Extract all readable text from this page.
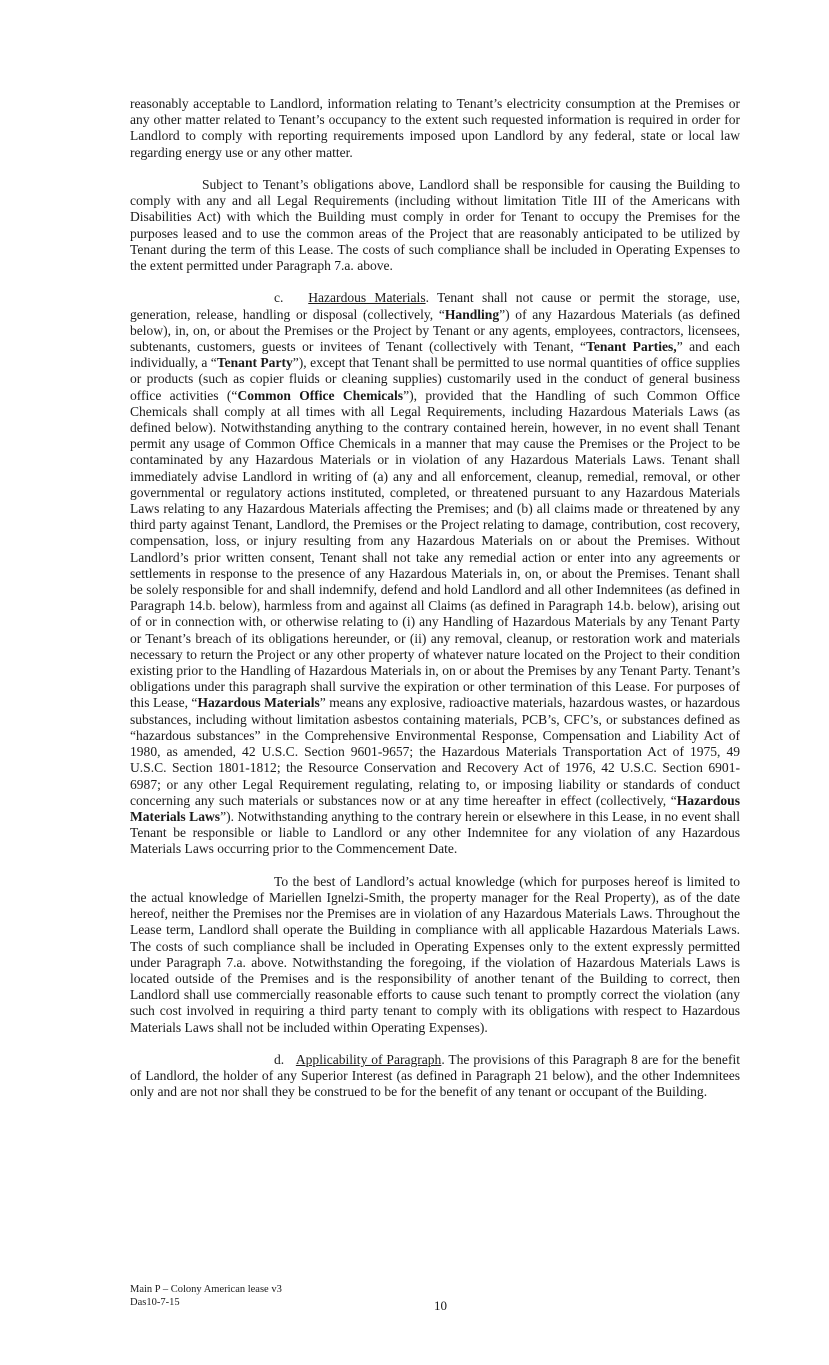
reasonably acceptable to Landlord, information relating to Tenant’s electricity consumption at the Premises or any other matter related to Tenant’s occupancy to the extent such requested information is required in order for Landlord to comply with reporting requirements imposed upon Landlord by any federal, state or local law regarding energy use or any other matter.

Subject to Tenant’s obligations above, Landlord shall be responsible for causing the Building to comply with any and all Legal Requirements (including without limitation Title III of the Americans with Disabilities Act) with which the Building must comply in order for Tenant to occupy the Premises for the purposes leased and to use the common areas of the Project that are reasonably anticipated to be utilized by Tenant during the term of this Lease. The costs of such compliance shall be included in Operating Expenses to the extent permitted under Paragraph 7.a. above.

c. Hazardous Materials. Tenant shall not cause or permit the storage, use, generation, release, handling or disposal (collectively, “Handling”) of any Hazardous Materials (as defined below), in, on, or about the Premises or the Project by Tenant or any agents, employees, contractors, licensees, subtenants, customers, guests or invitees of Tenant (collectively with Tenant, “Tenant Parties,” and each individually, a “Tenant Party”), except that Tenant shall be permitted to use normal quantities of office supplies or products (such as copier fluids or cleaning supplies) customarily used in the conduct of general business office activities (“Common Office Chemicals”), provided that the Handling of such Common Office Chemicals shall comply at all times with all Legal Requirements, including Hazardous Materials Laws (as defined below). Notwithstanding anything to the contrary contained herein, however, in no event shall Tenant permit any usage of Common Office Chemicals in a manner that may cause the Premises or the Project to be contaminated by any Hazardous Materials or in violation of any Hazardous Materials Laws. Tenant shall immediately advise Landlord in writing of (a) any and all enforcement, cleanup, remedial, removal, or other governmental or regulatory actions instituted, completed, or threatened pursuant to any Hazardous Materials Laws relating to any Hazardous Materials affecting the Premises; and (b) all claims made or threatened by any third party against Tenant, Landlord, the Premises or the Project relating to damage, contribution, cost recovery, compensation, loss, or injury resulting from any Hazardous Materials on or about the Premises. Without Landlord’s prior written consent, Tenant shall not take any remedial action or enter into any agreements or settlements in response to the presence of any Hazardous Materials in, on, or about the Premises. Tenant shall be solely responsible for and shall indemnify, defend and hold Landlord and all other Indemnitees (as defined in Paragraph 14.b. below), harmless from and against all Claims (as defined in Paragraph 14.b. below), arising out of or in connection with, or otherwise relating to (i) any Handling of Hazardous Materials by any Tenant Party or Tenant’s breach of its obligations hereunder, or (ii) any removal, cleanup, or restoration work and materials necessary to return the Project or any other property of whatever nature located on the Project to their condition existing prior to the Handling of Hazardous Materials in, on or about the Premises by any Tenant Party. Tenant’s obligations under this paragraph shall survive the expiration or other termination of this Lease. For purposes of this Lease, “Hazardous Materials” means any explosive, radioactive materials, hazardous wastes, or hazardous substances, including without limitation asbestos containing materials, PCB’s, CFC’s, or substances defined as “hazardous substances” in the Comprehensive Environmental Response, Compensation and Liability Act of 1980, as amended, 42 U.S.C. Section 9601-9657; the Hazardous Materials Transportation Act of 1975, 49 U.S.C. Section 1801-1812; the Resource Conservation and Recovery Act of 1976, 42 U.S.C. Section 6901-6987; or any other Legal Requirement regulating, relating to, or imposing liability or standards of conduct concerning any such materials or substances now or at any time hereafter in effect (collectively, “Hazardous Materials Laws”). Notwithstanding anything to the contrary herein or elsewhere in this Lease, in no event shall Tenant be responsible or liable to Landlord or any other Indemnitee for any violation of any Hazardous Materials Laws occurring prior to the Commencement Date.

To the best of Landlord’s actual knowledge (which for purposes hereof is limited to the actual knowledge of Mariellen Ignelzi-Smith, the property manager for the Real Property), as of the date hereof, neither the Premises nor the Premises are in violation of any Hazardous Materials Laws. Throughout the Lease term, Landlord shall operate the Building in compliance with all applicable Hazardous Materials Laws. The costs of such compliance shall be included in Operating Expenses only to the extent expressly permitted under Paragraph 7.a. above. Notwithstanding the foregoing, if the violation of Hazardous Materials Laws is located outside of the Premises and is the responsibility of another tenant of the Building to correct, then Landlord shall use commercially reasonable efforts to cause such tenant to promptly correct the violation (any such cost involved in requiring a third party tenant to comply with its obligations with respect to Hazardous Materials Laws shall not be included within Operating Expenses).

d. Applicability of Paragraph. The provisions of this Paragraph 8 are for the benefit of Landlord, the holder of any Superior Interest (as defined in Paragraph 21 below), and the other Indemnitees only and are not nor shall they be construed to be for the benefit of any tenant or occupant of the Building.

Main P – Colony American lease v3
Das10-7-15	10
